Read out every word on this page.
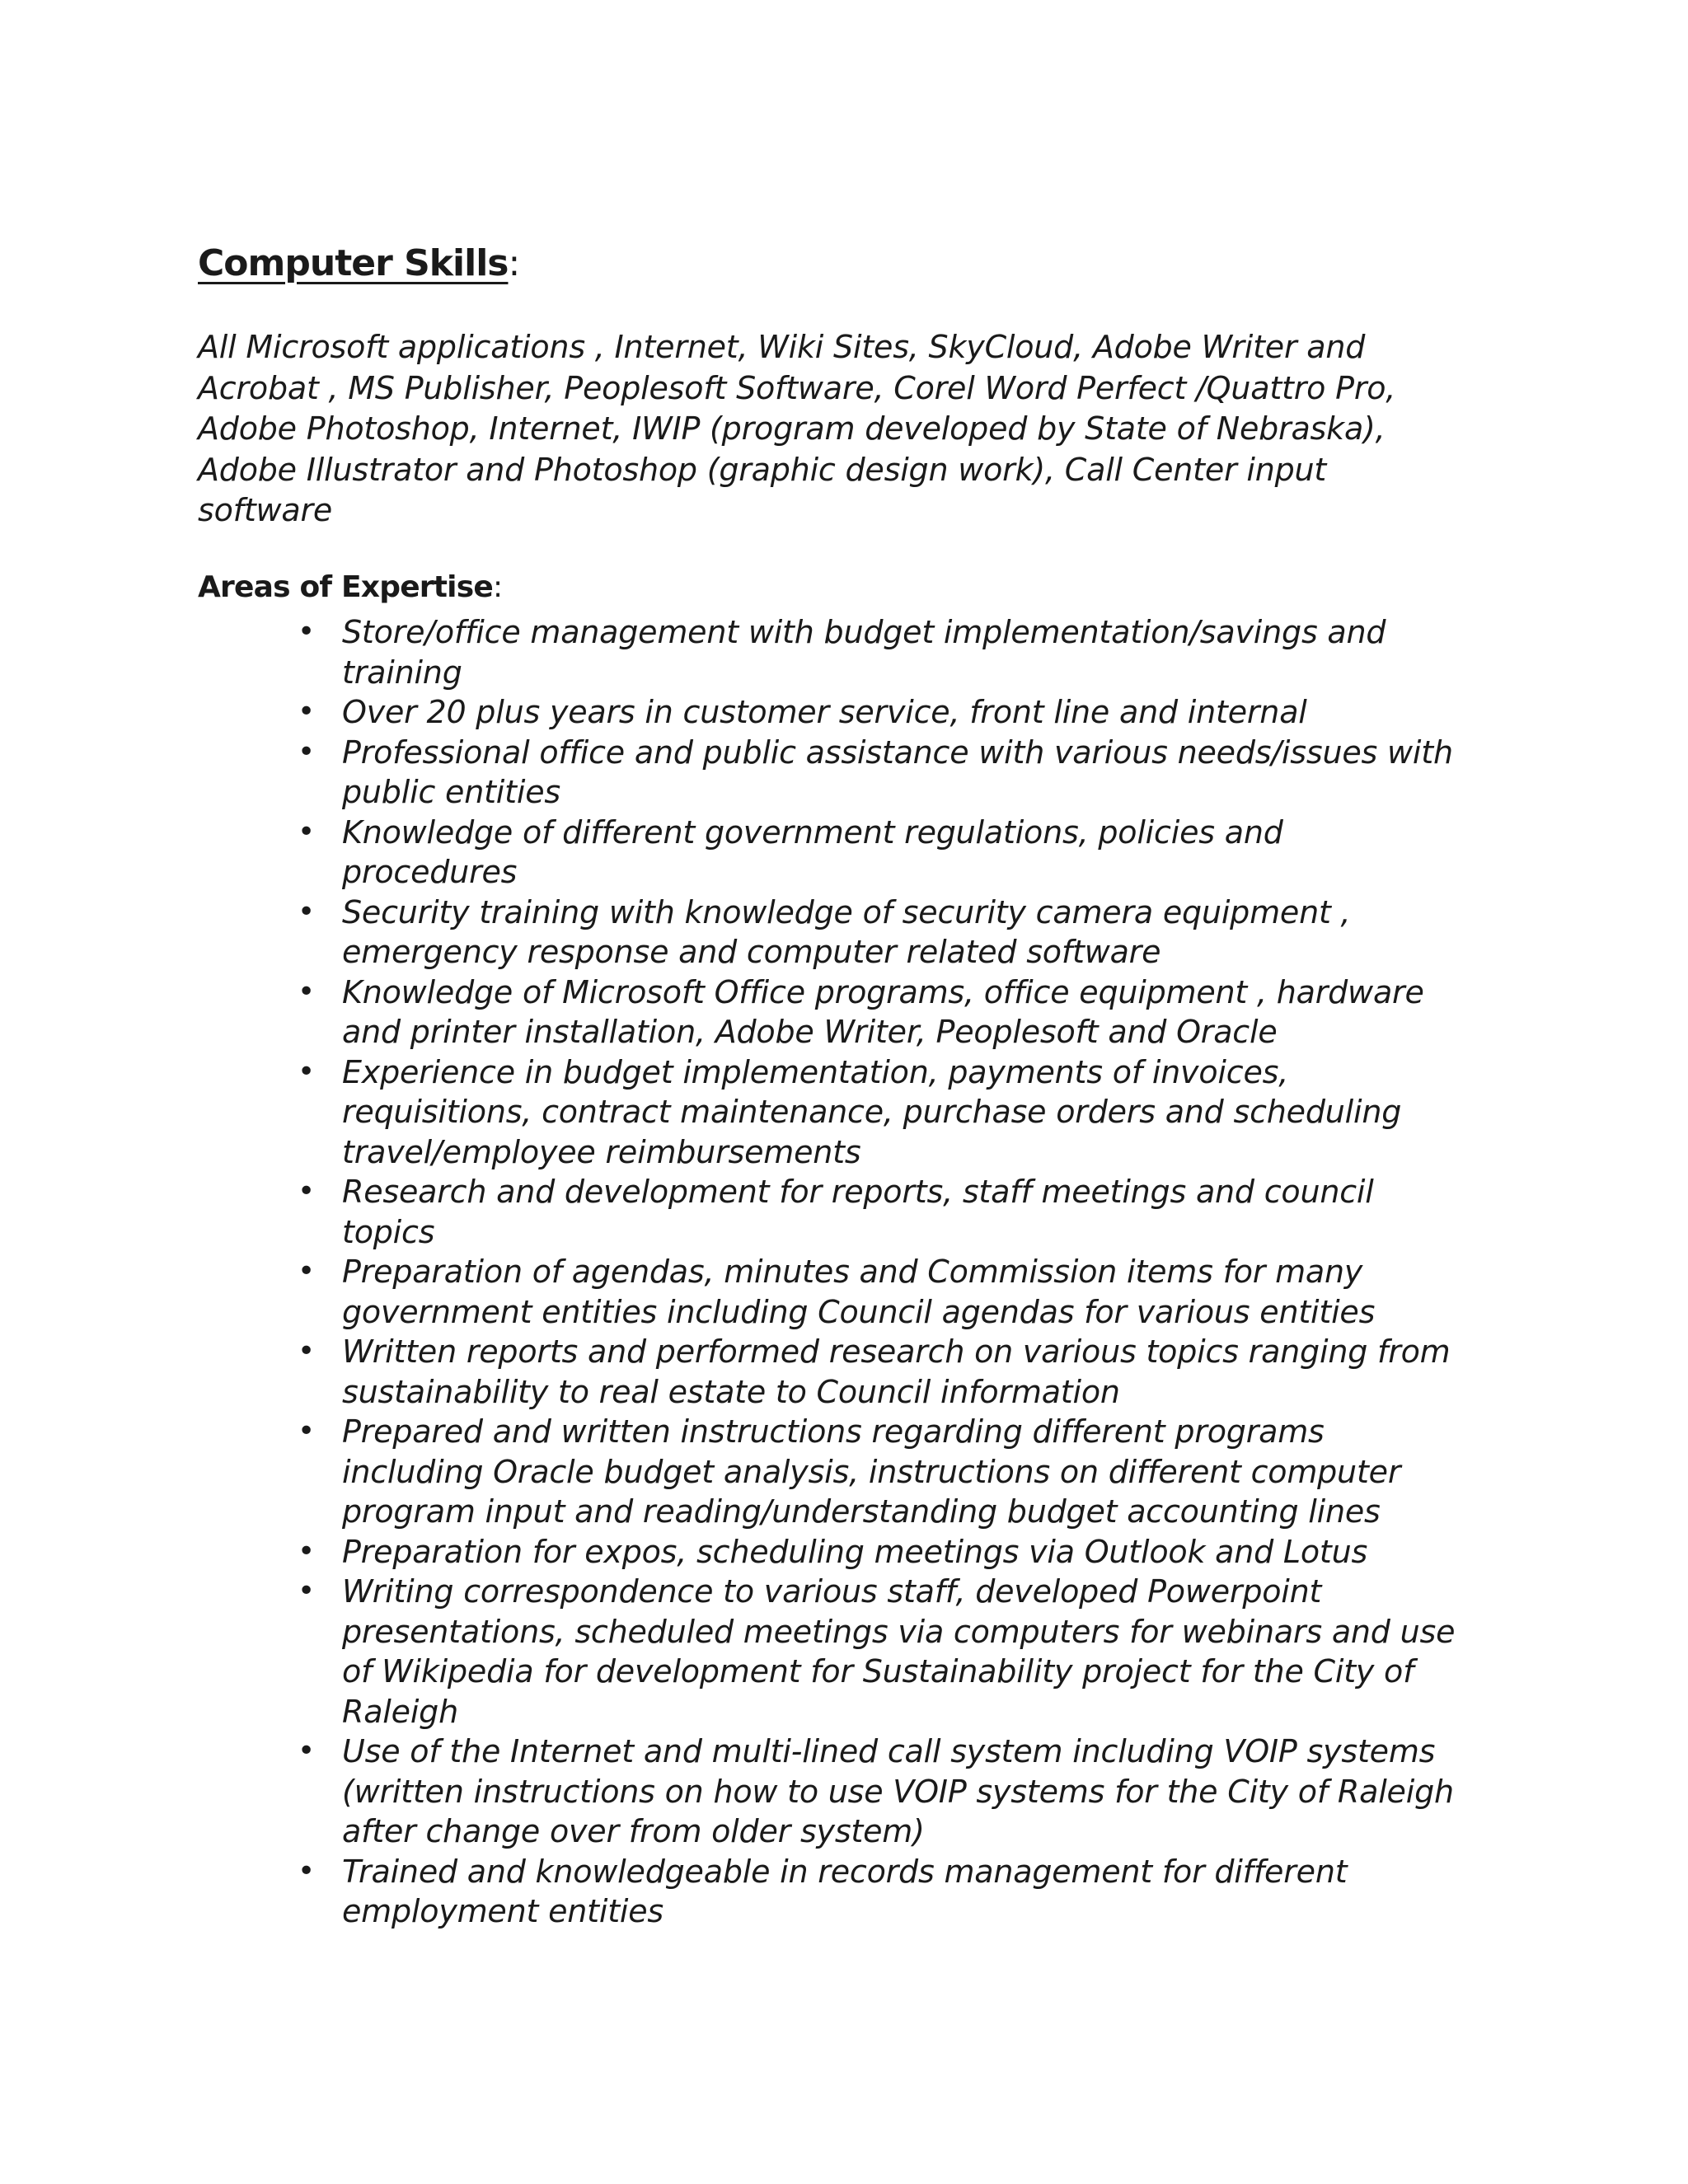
Computer Skills:

All Microsoft applications , Internet, Wiki Sites, SkyCloud, Adobe Writer and
Acrobat , MS Publisher, Peoplesoft Software, Corel Word Perfect /Quattro Pro,
Adobe Photoshop, Internet, IWIP (program developed by State of Nebraska),
Adobe Illustrator and Photoshop (graphic design work), Call Center input
software

Areas of Expertise:
• Store/office management with budget implementation/savings and
training
• Over 20 plus years in customer service, front line and internal
• Professional office and public assistance with various needs/issues with
public entities
• Knowledge of different government regulations, policies and
procedures
• Security training with knowledge of security camera equipment ,
emergency response and computer related software
• Knowledge of Microsoft Office programs, office equipment , hardware
and printer installation, Adobe Writer, Peoplesoft and Oracle
• Experience in budget implementation, payments of invoices,
requisitions, contract maintenance, purchase orders and scheduling
travel/employee reimbursements
• Research and development for reports, staff meetings and council
topics
• Preparation of agendas, minutes and Commission items for many
government entities including Council agendas for various entities
• Written reports and performed research on various topics ranging from
sustainability to real estate to Council information
• Prepared and written instructions regarding different programs
including Oracle budget analysis, instructions on different computer
program input and reading/understanding budget accounting lines
• Preparation for expos, scheduling meetings via Outlook and Lotus
• Writing correspondence to various staff, developed Powerpoint
presentations, scheduled meetings via computers for webinars and use
of Wikipedia for development for Sustainability project for the City of
Raleigh
• Use of the Internet and multi-lined call system including VOIP systems
(written instructions on how to use VOIP systems for the City of Raleigh
after change over from older system)
• Trained and knowledgeable in records management for different
employment entities
